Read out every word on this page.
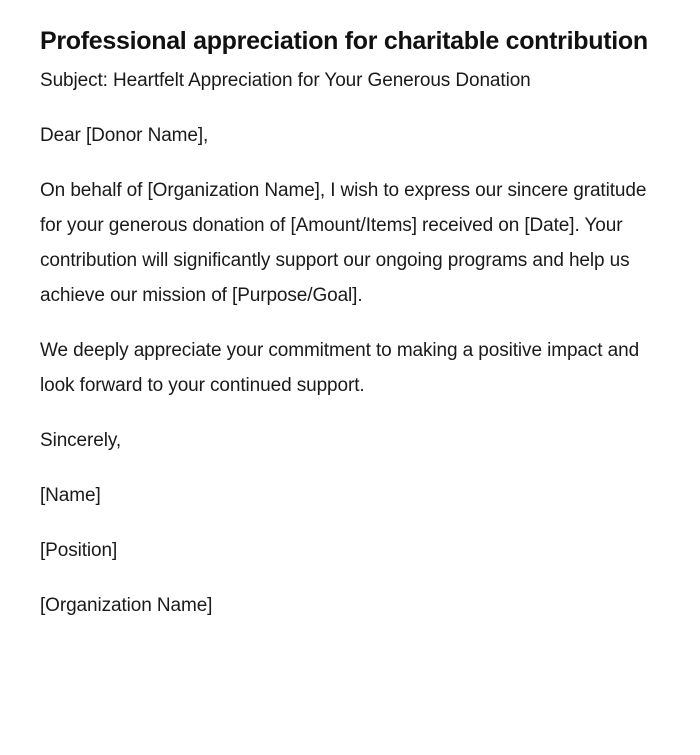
Professional appreciation for charitable contribution

Subject: Heartfelt Appreciation for Your Generous Donation

Dear [Donor Name],

On behalf of [Organization Name], I wish to express our sincere gratitude for your generous donation of [Amount/Items] received on [Date]. Your contribution will significantly support our ongoing programs and help us achieve our mission of [Purpose/Goal].

We deeply appreciate your commitment to making a positive impact and look forward to your continued support.

Sincerely,

[Name]

[Position]

[Organization Name]
